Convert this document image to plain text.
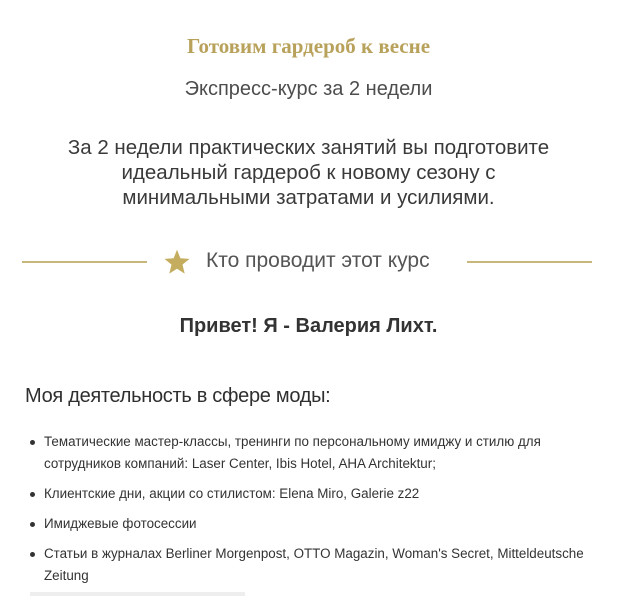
Готовим гардероб к весне
Экспресс-курс за 2 недели
За 2 недели практических занятий вы подготовите идеальный гардероб к новому сезону с минимальными затратами и усилиями.
Кто проводит этот курс
Привет! Я - Валерия Лихт.
Моя деятельность в сфере моды:
Тематические мастер-классы, тренинги по персональному имиджу и стилю для сотрудников компаний: Laser Center, Ibis Hotel, AHA Architektur;
Клиентские дни, акции со стилистом: Elena Miro, Galerie z22
Имиджевые фотосессии
Статьи в журналах Berliner Morgenpost, OTTO Magazin, Woman's Secret, Mitteldeutsche Zeitung
